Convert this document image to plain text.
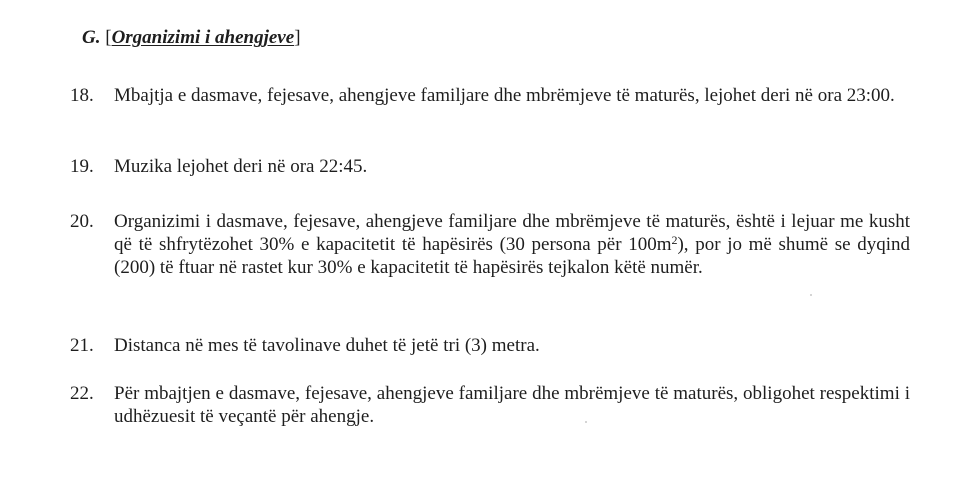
G. [Organizimi i ahengjeve]
18.	Mbajtja e dasmave, fejesave, ahengjeve familjare dhe mbrëmjeve të maturës, lejohet deri në ora 23:00.
19.	Muzika lejohet deri në ora 22:45.
20.	Organizimi i dasmave, fejesave, ahengjeve familjare dhe mbrëmjeve të maturës, është i lejuar me kusht që të shfrytëzohet 30% e kapacitetit të hapësirës (30 persona për $100m^2$), por jo më shumë se dyqind (200) të ftuar në rastet kur 30% e kapacitetit të hapësirës tejkalon këtë numër.
21.	Distanca në mes të tavolinave duhet të jetë tri (3) metra.
22.	Për mbajtjen e dasmave, fejesave, ahengjeve familjare dhe mbrëmjeve të maturës, obligohet respektimi i udhëzuesit të veçantë për ahengje.
